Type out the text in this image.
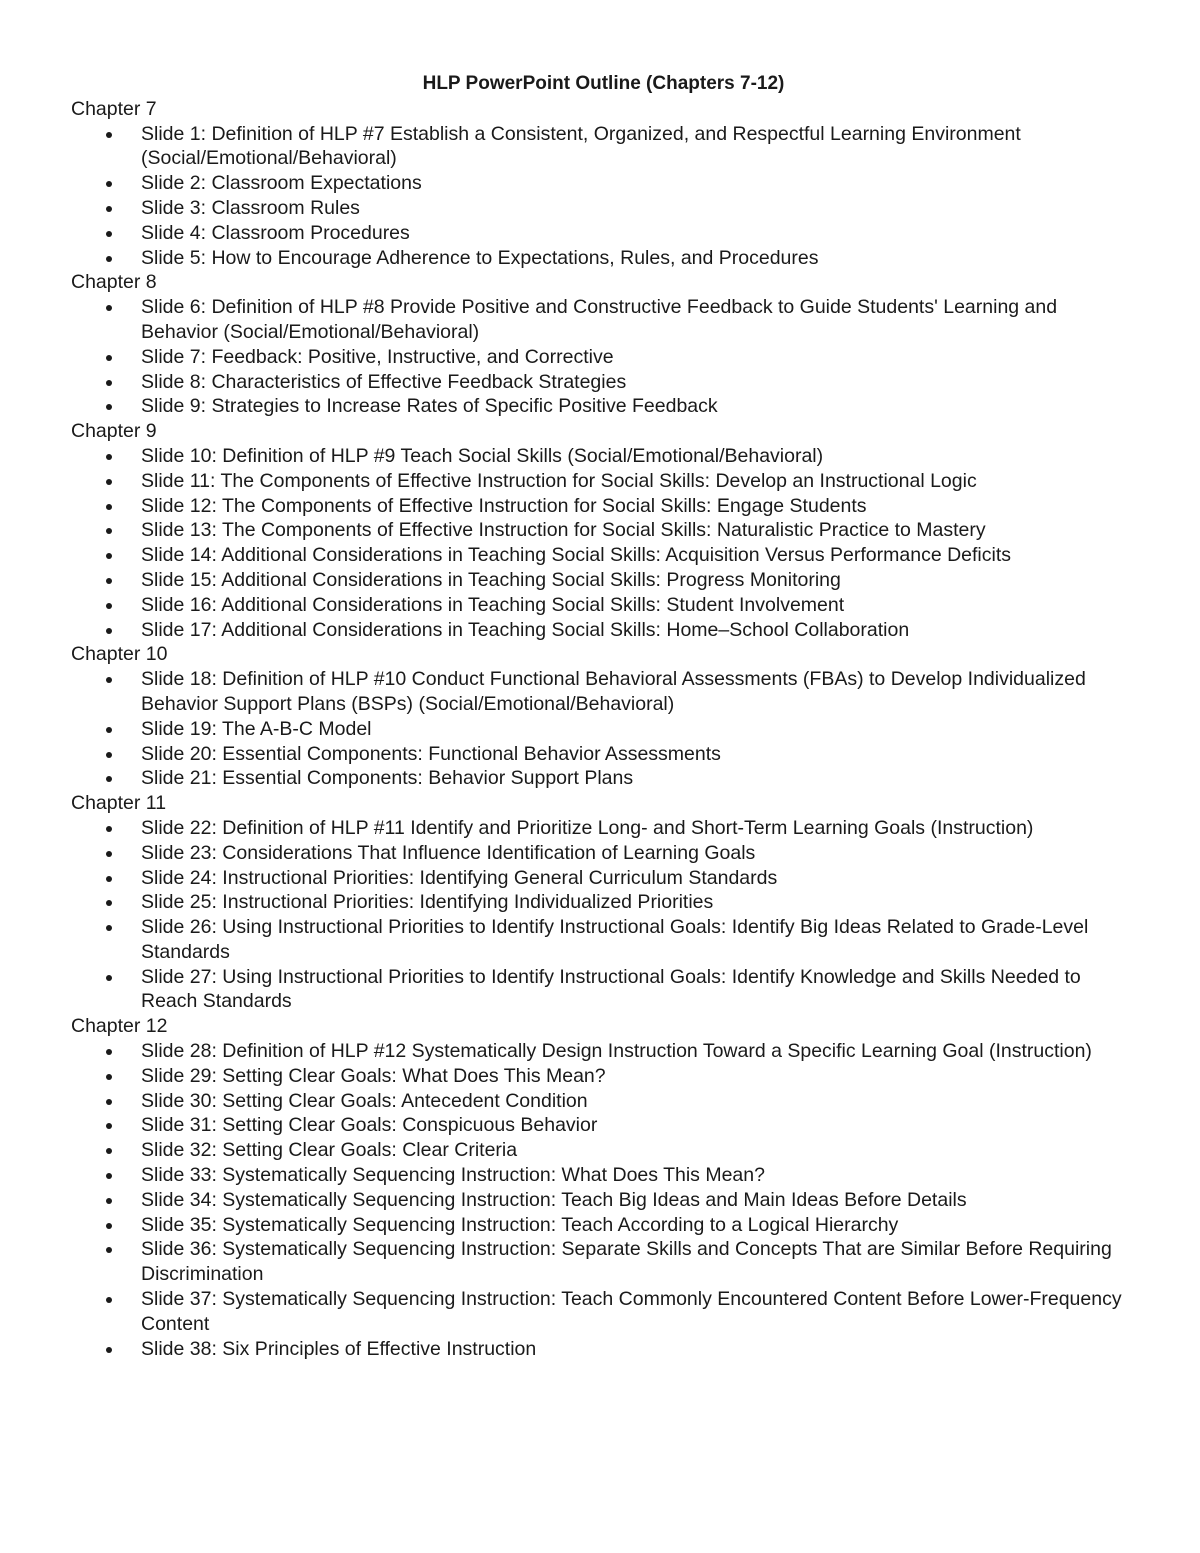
HLP PowerPoint Outline (Chapters 7-12)
Chapter 7
Slide 1: Definition of HLP #7 Establish a Consistent, Organized, and Respectful Learning Environment (Social/Emotional/Behavioral)
Slide 2: Classroom Expectations
Slide 3: Classroom Rules
Slide 4: Classroom Procedures
Slide 5: How to Encourage Adherence to Expectations, Rules, and Procedures
Chapter 8
Slide 6: Definition of HLP #8 Provide Positive and Constructive Feedback to Guide Students' Learning and Behavior (Social/Emotional/Behavioral)
Slide 7: Feedback: Positive, Instructive, and Corrective
Slide 8: Characteristics of Effective Feedback Strategies
Slide 9: Strategies to Increase Rates of Specific Positive Feedback
Chapter 9
Slide 10: Definition of HLP #9 Teach Social Skills (Social/Emotional/Behavioral)
Slide 11: The Components of Effective Instruction for Social Skills: Develop an Instructional Logic
Slide 12: The Components of Effective Instruction for Social Skills: Engage Students
Slide 13: The Components of Effective Instruction for Social Skills: Naturalistic Practice to Mastery
Slide 14: Additional Considerations in Teaching Social Skills: Acquisition Versus Performance Deficits
Slide 15: Additional Considerations in Teaching Social Skills: Progress Monitoring
Slide 16: Additional Considerations in Teaching Social Skills: Student Involvement
Slide 17: Additional Considerations in Teaching Social Skills: Home–School Collaboration
Chapter 10
Slide 18: Definition of HLP #10 Conduct Functional Behavioral Assessments (FBAs) to Develop Individualized Behavior Support Plans (BSPs) (Social/Emotional/Behavioral)
Slide 19: The A-B-C Model
Slide 20: Essential Components: Functional Behavior Assessments
Slide 21: Essential Components: Behavior Support Plans
Chapter 11
Slide 22: Definition of HLP #11 Identify and Prioritize Long- and Short-Term Learning Goals (Instruction)
Slide 23: Considerations That Influence Identification of Learning Goals
Slide 24: Instructional Priorities: Identifying General Curriculum Standards
Slide 25: Instructional Priorities: Identifying Individualized Priorities
Slide 26: Using Instructional Priorities to Identify Instructional Goals: Identify Big Ideas Related to Grade-Level Standards
Slide 27: Using Instructional Priorities to Identify Instructional Goals: Identify Knowledge and Skills Needed to Reach Standards
Chapter 12
Slide 28: Definition of HLP #12 Systematically Design Instruction Toward a Specific Learning Goal (Instruction)
Slide 29: Setting Clear Goals: What Does This Mean?
Slide 30: Setting Clear Goals: Antecedent Condition
Slide 31: Setting Clear Goals: Conspicuous Behavior
Slide 32: Setting Clear Goals: Clear Criteria
Slide 33: Systematically Sequencing Instruction: What Does This Mean?
Slide 34: Systematically Sequencing Instruction: Teach Big Ideas and Main Ideas Before Details
Slide 35: Systematically Sequencing Instruction: Teach According to a Logical Hierarchy
Slide 36: Systematically Sequencing Instruction: Separate Skills and Concepts That are Similar Before Requiring Discrimination
Slide 37: Systematically Sequencing Instruction: Teach Commonly Encountered Content Before Lower-Frequency Content
Slide 38: Six Principles of Effective Instruction
